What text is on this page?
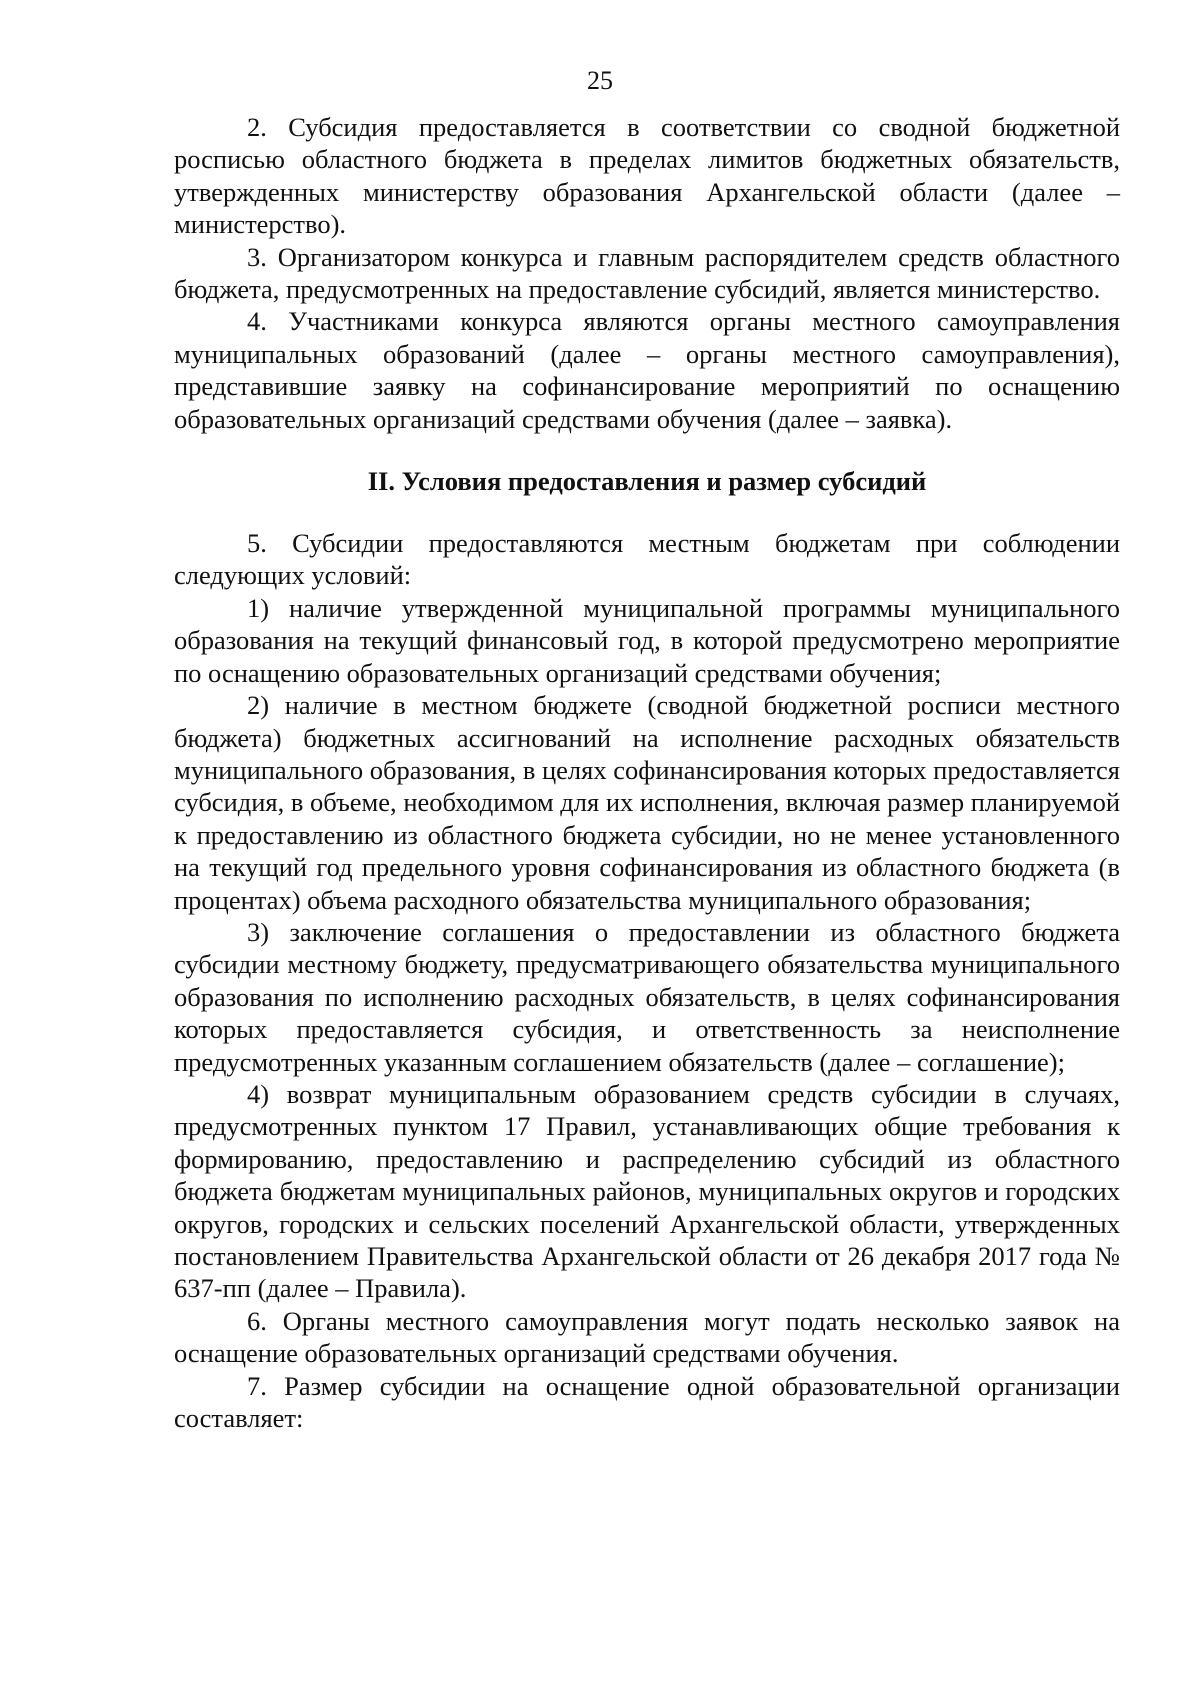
25

2. Субсидия предоставляется в соответствии со сводной бюджетной росписью областного бюджета в пределах лимитов бюджетных обязательств, утвержденных министерству образования Архангельской области (далее – министерство).

3. Организатором конкурса и главным распорядителем средств областного бюджета, предусмотренных на предоставление субсидий, является министерство.

4. Участниками конкурса являются органы местного самоуправления муниципальных образований (далее – органы местного самоуправления), представившие заявку на софинансирование мероприятий по оснащению образовательных организаций средствами обучения (далее – заявка).

II. Условия предоставления и размер субсидий

5. Субсидии предоставляются местным бюджетам при соблюдении следующих условий:

1) наличие утвержденной муниципальной программы муниципального образования на текущий финансовый год, в которой предусмотрено мероприятие по оснащению образовательных организаций средствами обучения;

2) наличие в местном бюджете (сводной бюджетной росписи местного бюджета) бюджетных ассигнований на исполнение расходных обязательств муниципального образования, в целях софинансирования которых предоставляется субсидия, в объеме, необходимом для их исполнения, включая размер планируемой к предоставлению из областного бюджета субсидии, но не менее установленного на текущий год предельного уровня софинансирования из областного бюджета (в процентах) объема расходного обязательства муниципального образования;

3) заключение соглашения о предоставлении из областного бюджета субсидии местному бюджету, предусматривающего обязательства муниципального образования по исполнению расходных обязательств, в целях софинансирования которых предоставляется субсидия, и ответственность за неисполнение предусмотренных указанным соглашением обязательств (далее – соглашение);

4) возврат муниципальным образованием средств субсидии в случаях, предусмотренных пунктом 17 Правил, устанавливающих общие требования к формированию, предоставлению и распределению субсидий из областного бюджета бюджетам муниципальных районов, муниципальных округов и городских округов, городских и сельских поселений Архангельской области, утвержденных постановлением Правительства Архангельской области от 26 декабря 2017 года № 637-пп (далее – Правила).

6. Органы местного самоуправления могут подать несколько заявок на оснащение образовательных организаций средствами обучения.

7. Размер субсидии на оснащение одной образовательной организации составляет:
